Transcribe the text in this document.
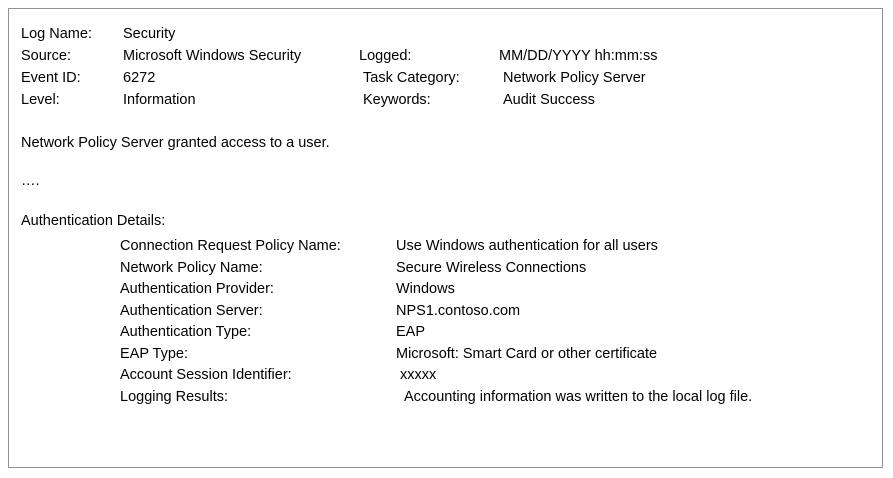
Log Name:	Security
Source:	Microsoft Windows Security	Logged:	MM/DD/YYYY hh:mm:ss
Event ID:	6272	Task Category:	Network Policy Server
Level:	Information	Keywords:	Audit Success
Network Policy Server granted access to a user.
….
Authentication Details:
Connection Request Policy Name:	Use Windows authentication for all users
Network Policy Name:	Secure Wireless Connections
Authentication Provider:	Windows
Authentication Server:	NPS1.contoso.com
Authentication Type:	EAP
EAP Type:	Microsoft: Smart Card or other certificate
Account Session Identifier:	xxxxx
Logging Results:	Accounting information was written to the local log file.
